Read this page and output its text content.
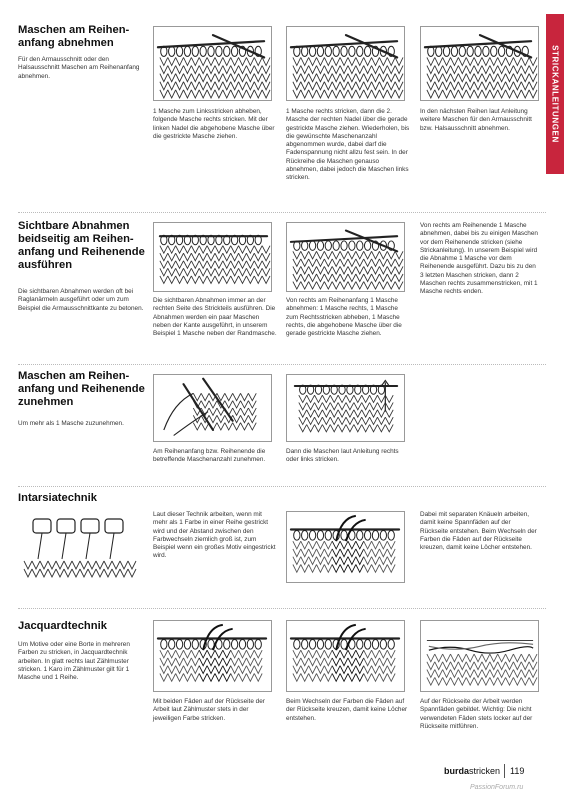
STRICKANLEITUNGEN
Maschen am Reihen-
anfang abnehmen

Für den Armausschnitt oder den Halsausschnitt Maschen am Reihenanfang abnehmen.

1 Masche zum Linksstricken abheben, folgende Masche rechts stricken. Mit der linken Nadel die abgehobene Masche über die gestrickte Masche ziehen.

1 Masche rechts stricken, dann die 2. Masche der rechten Nadel über die gerade gestrickte Masche ziehen. Wiederholen, bis die gewünschte Maschenanzahl abgenommen wurde, dabei darf die Fadenspannung nicht allzu fest sein. In der Rückreihe die Maschen genauso abnehmen, dabei jedoch die Maschen links stricken.

In den nächsten Reihen laut Anleitung weitere Maschen für den Armausschnitt bzw. Halsausschnitt abnehmen.

Sichtbare Abnahmen
beidseitig am Reihen-
anfang und Reihenende
ausführen

Die sichtbaren Abnahmen werden oft bei Raglanärmeln ausgeführt oder um zum Beispiel die Armausschnittkante zu betonen.

Die sichtbaren Abnahmen immer an der rechten Seite des Strickteils ausführen. Die Abnahmen werden ein paar Maschen neben der Kante ausgeführt, in unserem Beispiel 1 Masche neben der Randmasche.

Von rechts am Reihenanfang 1 Masche abnehmen: 1 Masche rechts, 1 Masche zum Rechtsstricken abheben, 1 Masche rechts, die abgehobene Masche über die gerade gestrickte Masche ziehen.

Von rechts am Reihenende 1 Masche abnehmen, dabei bis zu einigen Maschen vor dem Reihenende stricken (siehe Strickanleitung). In unserem Beispiel wird die Abnahme 1 Masche vor dem Reihenende ausgeführt. Dazu bis zu den 3 letzten Maschen stricken, dann 2 Maschen rechts zusammenstricken, mit 1 Masche rechts enden.

Maschen am Reihen-
anfang und Reihenende
zunehmen

Um mehr als 1 Masche zuzunehmen.

Am Reihenanfang bzw. Reihenende die betreffende Maschenanzahl zunehmen.

Dann die Maschen laut Anleitung rechts oder links stricken.

Intarsiatechnik

Laut dieser Technik arbeiten, wenn mit mehr als 1 Farbe in einer Reihe gestrickt wird und der Abstand zwischen den Farbwechseln ziemlich groß ist, zum Beispiel wenn ein großes Motiv eingestrickt wird.

Dabei mit separaten Knäueln arbeiten, damit keine Spannfäden auf der Rückseite entstehen. Beim Wechseln der Farben die Fäden auf der Rückseite kreuzen, damit keine Löcher entstehen.

Jacquardtechnik

Um Motive oder eine Borte in mehreren Farben zu stricken, in Jacquardtechnik arbeiten. In glatt rechts laut Zählmuster stricken. 1 Karo im Zählmuster gilt für 1 Masche und 1 Reihe.

Mit beiden Fäden auf der Rückseite der Arbeit laut Zählmuster stets in der jeweiligen Farbe stricken.

Beim Wechseln der Farben die Fäden auf der Rückseite kreuzen, damit keine Löcher entstehen.

Auf der Rückseite der Arbeit werden Spannfäden gebildet. Wichtig: Die nicht verwendeten Fäden stets locker auf der Rückseite mitführen.

burda stricken 119
PassionForum.ru
